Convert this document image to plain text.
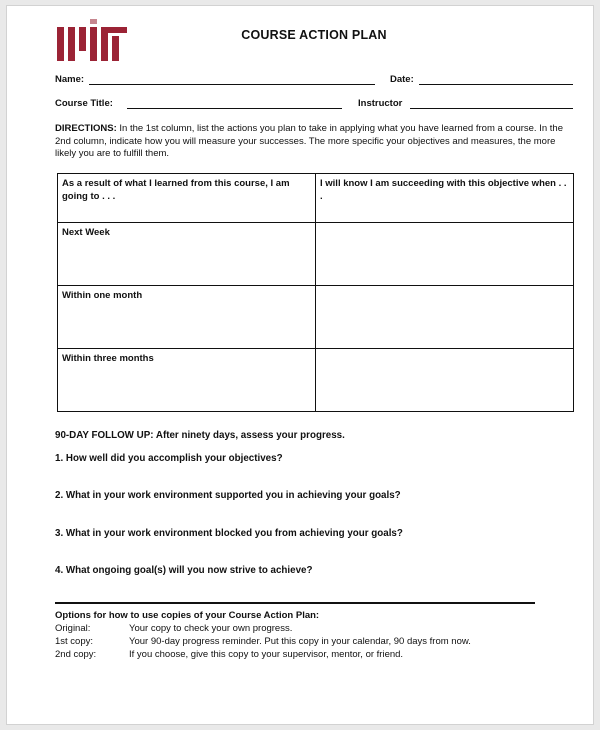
COURSE ACTION PLAN
Name:	Date:
Course Title:	Instructor
DIRECTIONS: In the 1st column, list the actions you plan to take in applying what you have learned from a course. In the 2nd column, indicate how you will measure your successes. The more specific your objectives and measures, the more likely you are to fulfill them.
As a result of what I learned from this course, I am going to . . .	I will know I am succeeding with this objective when . . .
Next Week	
Within one month	
Within three months	
90-DAY FOLLOW UP: After ninety days, assess your progress.
1. How well did you accomplish your objectives?
2. What in your work environment supported you in achieving your goals?
3. What in your work environment blocked you from achieving your goals?
4. What ongoing goal(s) will you now strive to achieve?
Options for how to use copies of your Course Action Plan:
Original:	Your copy to check your own progress.
1st copy:	Your 90-day progress reminder. Put this copy in your calendar, 90 days from now.
2nd copy:	If you choose, give this copy to your supervisor, mentor, or friend.
